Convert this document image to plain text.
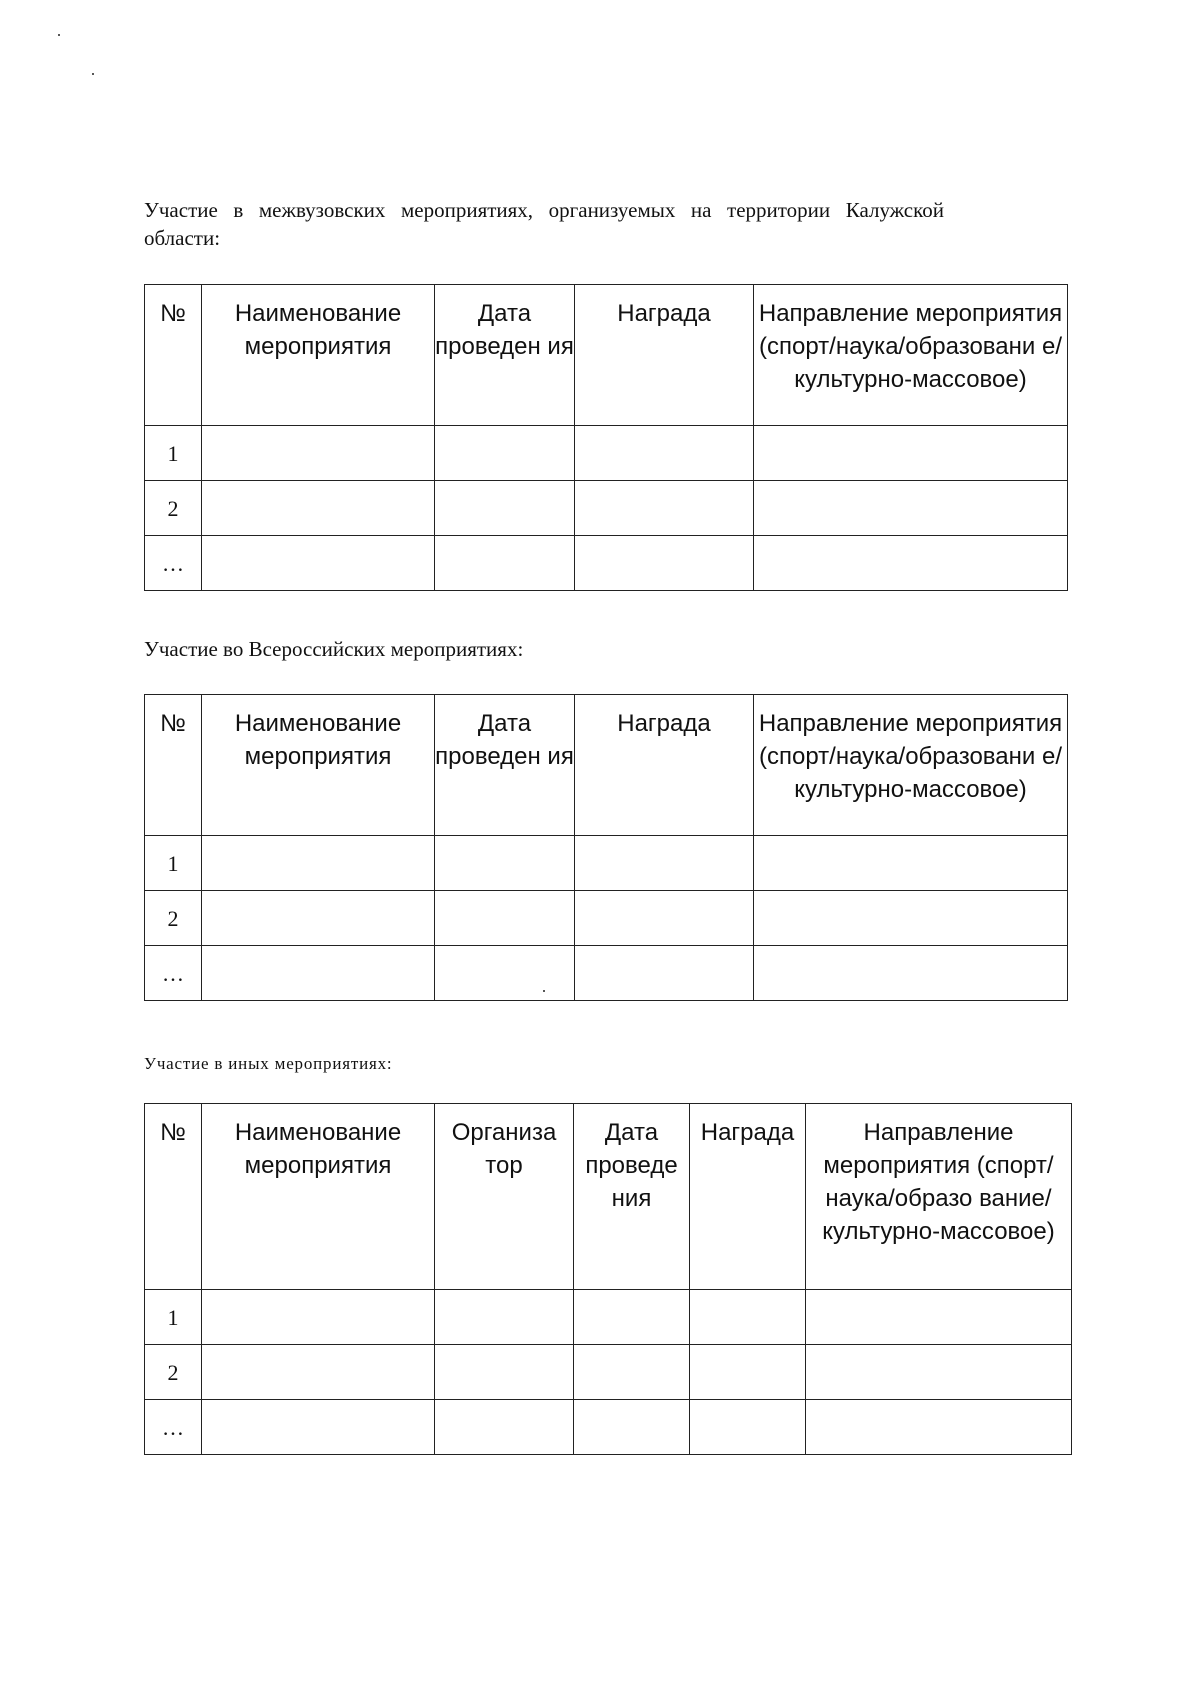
Участие в межвузовских мероприятиях, организуемых на территории Калужской области:

№	Наименование мероприятия	Дата проведен ия	Награда	Направление мероприятия (спорт/наука/образовани е/культурно-массовое)
1				
2				
…				

Участие во Всероссийских мероприятиях:

№	Наименование мероприятия	Дата проведен ия	Награда	Направление мероприятия (спорт/наука/образовани е/культурно-массовое)
1				
2				
…				

Участие в иных мероприятиях:

№	Наименование мероприятия	Организа тор	Дата проведе ния	Награда	Направление мероприятия (спорт/наука/образо вание/культурно-массовое)
1					
2					
…					
